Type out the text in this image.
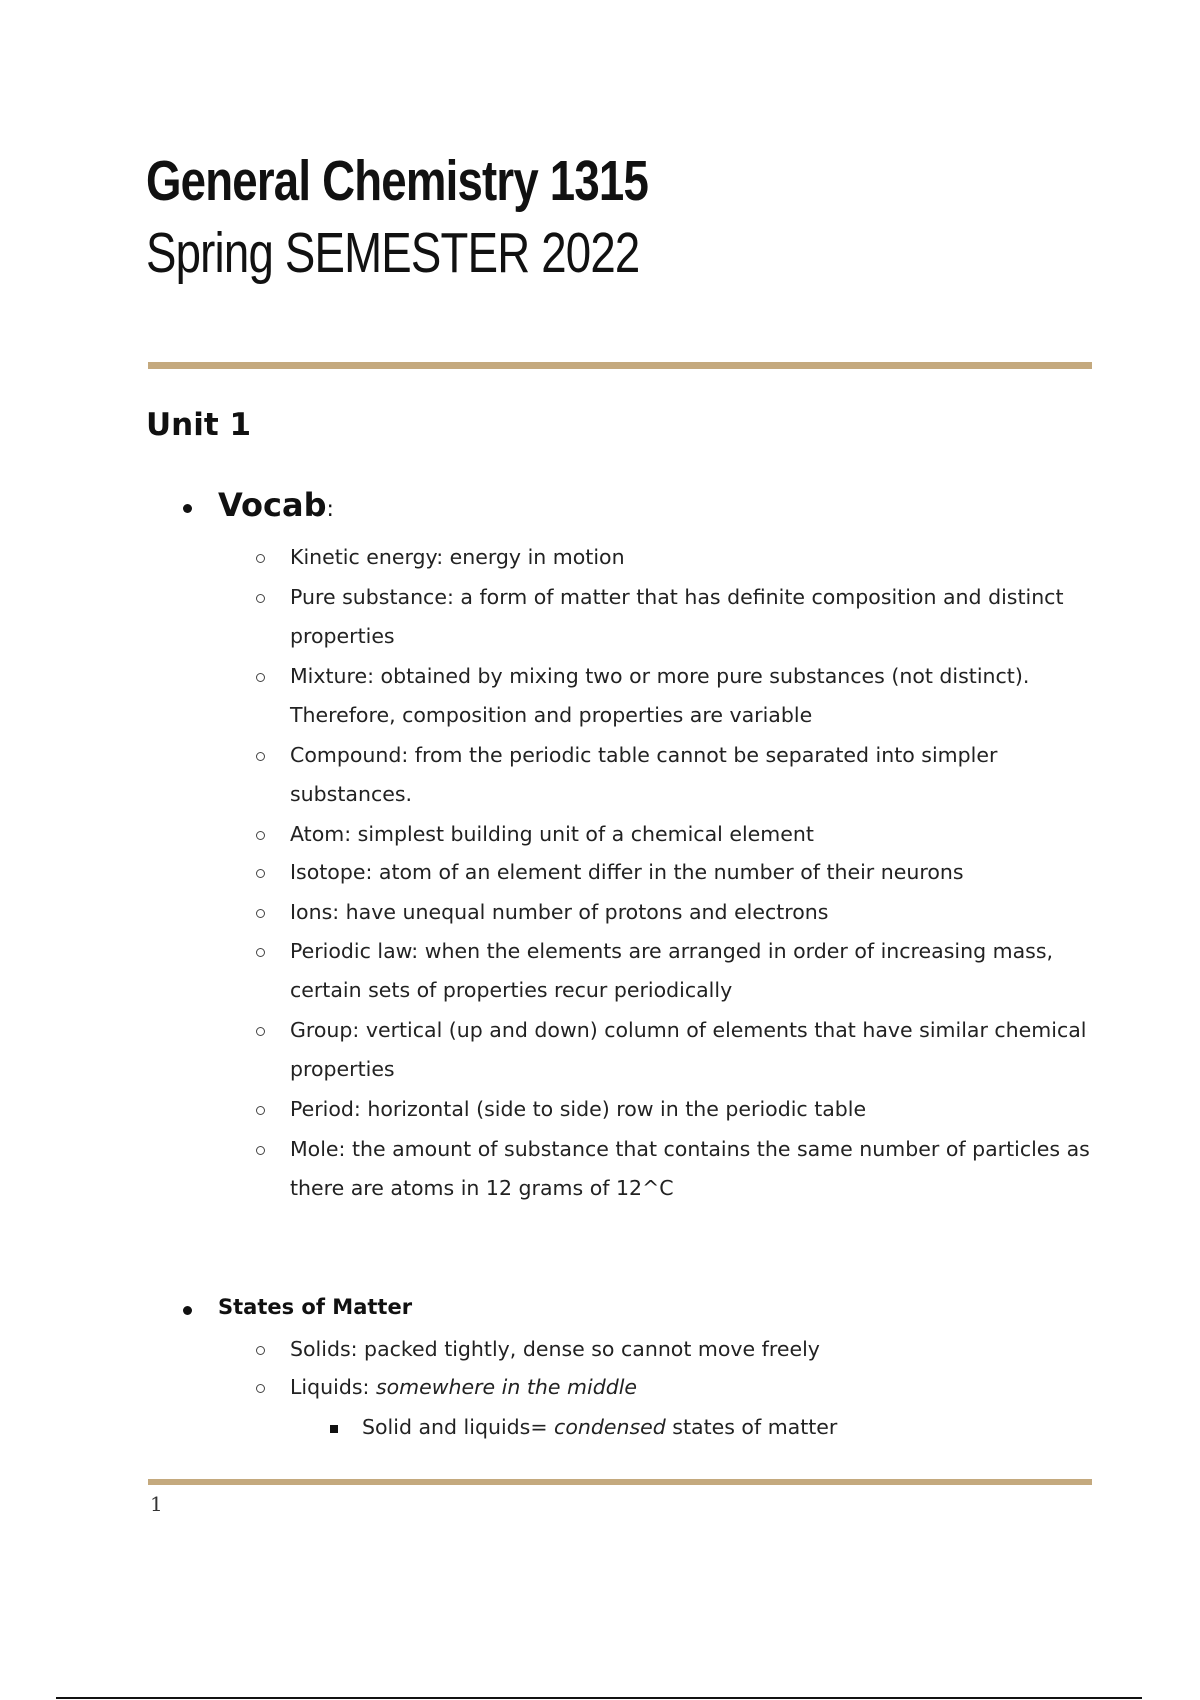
General Chemistry 1315
Spring SEMESTER 2022
Unit 1
Vocab:
Kinetic energy: energy in motion
Pure substance: a form of matter that has definite composition and distinct properties
Mixture: obtained by mixing two or more pure substances (not distinct). Therefore, composition and properties are variable
Compound: from the periodic table cannot be separated into simpler substances.
Atom: simplest building unit of a chemical element
Isotope: atom of an element differ in the number of their neurons
Ions: have unequal number of protons and electrons
Periodic law: when the elements are arranged in order of increasing mass, certain sets of properties recur periodically
Group: vertical (up and down) column of elements that have similar chemical properties
Period: horizontal (side to side) row in the periodic table
Mole: the amount of substance that contains the same number of particles as there are atoms in 12 grams of 12^C
States of Matter
Solids: packed tightly, dense so cannot move freely
Liquids: somewhere in the middle
Solid and liquids= condensed states of matter
1
